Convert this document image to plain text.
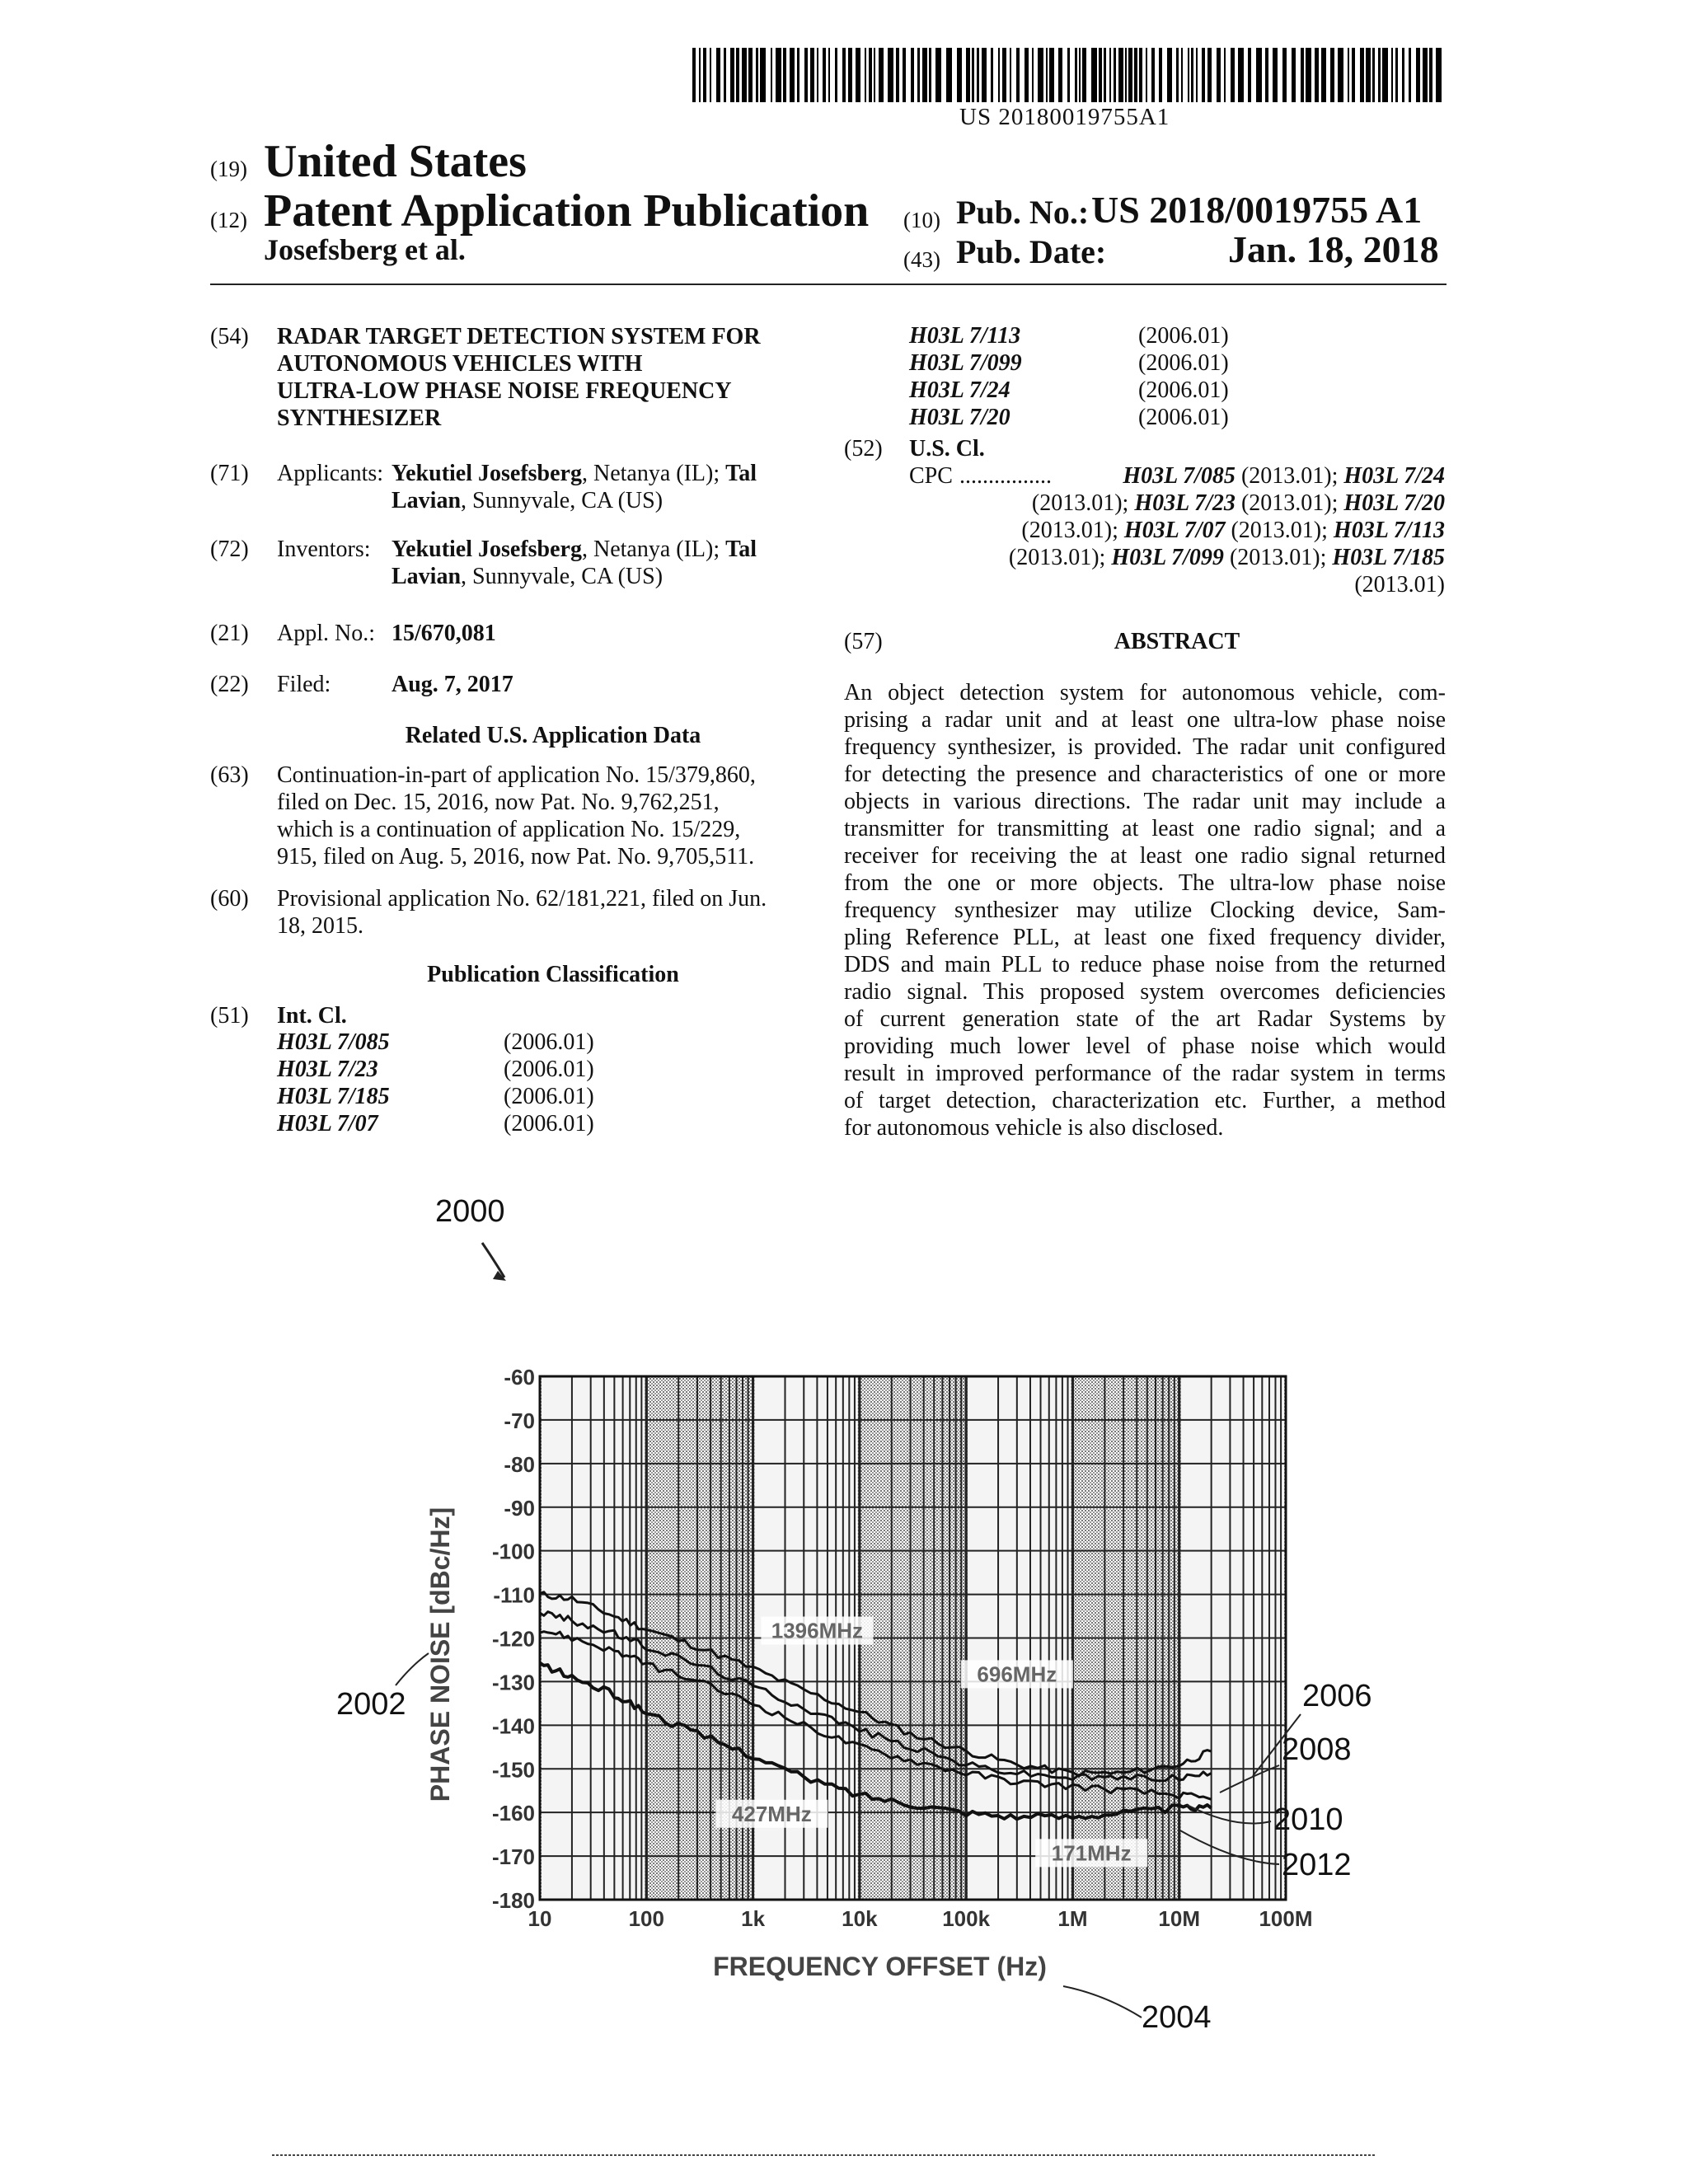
US 20180019755A1
(19) United States
(12) Patent Application Publication
Josefsberg et al.
(10) Pub. No.: US 2018/0019755 A1
(43) Pub. Date:	Jan. 18, 2018
(54) RADAR TARGET DETECTION SYSTEM FOR
AUTONOMOUS VEHICLES WITH
ULTRA-LOW PHASE NOISE FREQUENCY
SYNTHESIZER
(71) Applicants: Yekutiel Josefsberg, Netanya (IL); Tal
Lavian, Sunnyvale, CA (US)
(72) Inventors: Yekutiel Josefsberg, Netanya (IL); Tal
Lavian, Sunnyvale, CA (US)
(21) Appl. No.: 15/670,081
(22) Filed:	Aug. 7, 2017
Related U.S. Application Data
(63) Continuation-in-part of application No. 15/379,860,
filed on Dec. 15, 2016, now Pat. No. 9,762,251,
which is a continuation of application No. 15/229,
915, filed on Aug. 5, 2016, now Pat. No. 9,705,511.
(60) Provisional application No. 62/181,221, filed on Jun.
18, 2015.
Publication Classification
(51) Int. Cl.
H03L 7/085	(2006.01)
H03L 7/23	(2006.01)
H03L 7/185	(2006.01)
H03L 7/07	(2006.01)
H03L 7/113	(2006.01)
H03L 7/099	(2006.01)
H03L 7/24	(2006.01)
H03L 7/20	(2006.01)
(52) U.S. Cl.
CPC ................	H03L 7/085 (2013.01); H03L 7/24
(2013.01); H03L 7/23 (2013.01); H03L 7/20
(2013.01); H03L 7/07 (2013.01); H03L 7/113
(2013.01); H03L 7/099 (2013.01); H03L 7/185
(2013.01)
(57)	ABSTRACT
An object detection system for autonomous vehicle, com-
prising a radar unit and at least one ultra-low phase noise
frequency synthesizer, is provided. The radar unit configured
for detecting the presence and characteristics of one or more
objects in various directions. The radar unit may include a
transmitter for transmitting at least one radio signal; and a
receiver for receiving the at least one radio signal returned
from the one or more objects. The ultra-low phase noise
frequency synthesizer may utilize Clocking device, Sam-
pling Reference PLL, at least one fixed frequency divider,
DDS and main PLL to reduce phase noise from the returned
radio signal. This proposed system overcomes deficiencies
of current generation state of the art Radar Systems by
providing much lower level of phase noise which would
result in improved performance of the radar system in terms
of target detection, characterization etc. Further, a method
for autonomous vehicle is also disclosed.
-60
-70
-80
-90
-100
-110
-120
-130
-140
-150
-160
-170
-180
10	100	1k	10k	100k	1M	10M	100M
FREQUENCY OFFSET (Hz)
PHASE NOISE [dBc/Hz]	1396MHz
696MHz
427MHz
171MHz
2000
2002
2004
2006
2008
2010
2012
